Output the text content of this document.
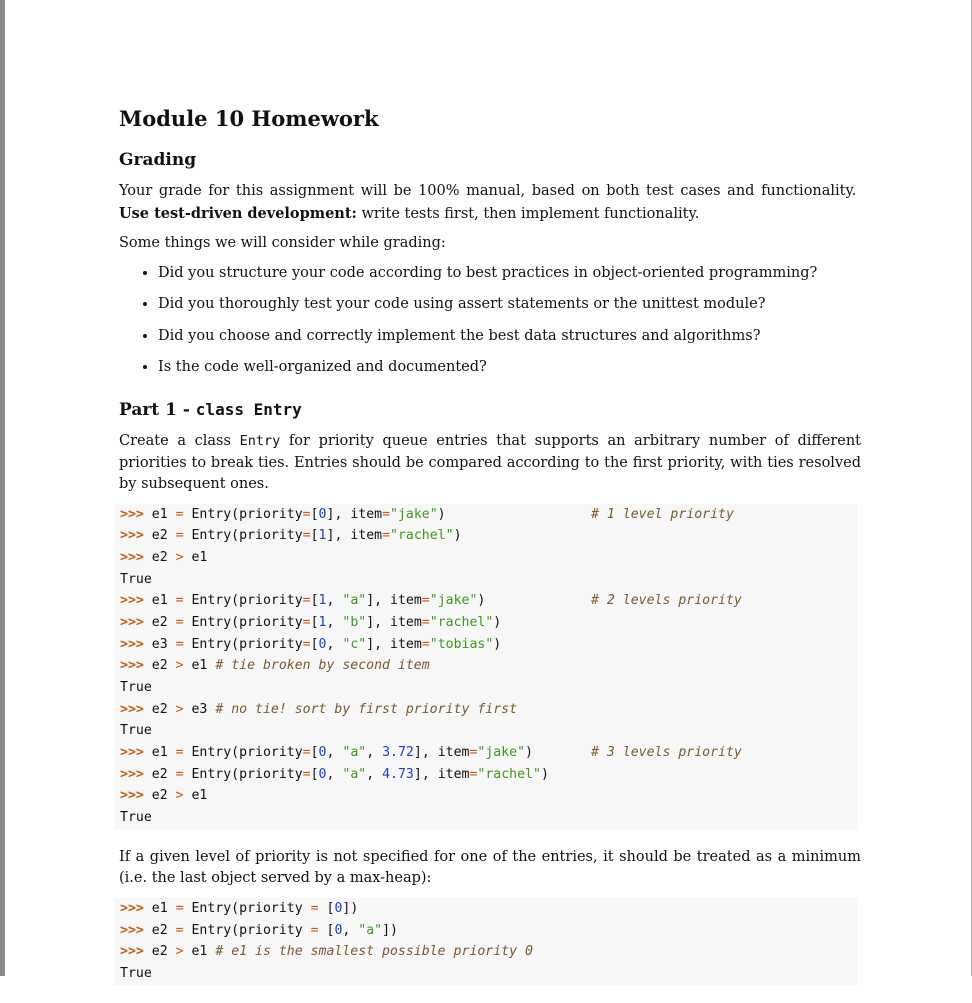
Module 10 Homework
Grading

Your grade for this assignment will be 100% manual, based on both test cases and functionality.  Use test-driven development: write tests first, then implement functionality.

Some things we will consider while grading:

• Did you structure your code according to best practices in object-oriented programming?
• Did you thoroughly test your code using assert statements or the unittest module?
• Did you choose and correctly implement the best data structures and algorithms?
• Is the code well-organized and documented?
Part 1 - class Entry

Create a class Entry for priority queue entries that supports an arbitrary number of different priorities to break ties. Entries should be compared according to the first priority, with ties resolved by subsequent ones.

>>> e1 = Entry(priority=[0], item="jake")	# 1 level priority
>>> e2 = Entry(priority=[1], item="rachel")
>>> e2 > e1
True
>>> e1 = Entry(priority=[1, "a"], item="jake")	# 2 levels priority
>>> e2 = Entry(priority=[1, "b"], item="rachel")
>>> e3 = Entry(priority=[0, "c"], item="tobias")
>>> e2 > e1 # tie broken by second item
True
>>> e2 > e3 # no tie! sort by first priority first
True
>>> e1 = Entry(priority=[0, "a", 3.72], item="jake")	# 3 levels priority
>>> e2 = Entry(priority=[0, "a", 4.73], item="rachel")
>>> e2 > e1
True

If a given level of priority is not specified for one of the entries, it should be treated as a minimum (i.e. the last object served by a max-heap):

>>> e1 = Entry(priority = [0])
>>> e2 = Entry(priority = [0, "a"])
>>> e2 > e1 # e1 is the smallest possible priority 0
True
